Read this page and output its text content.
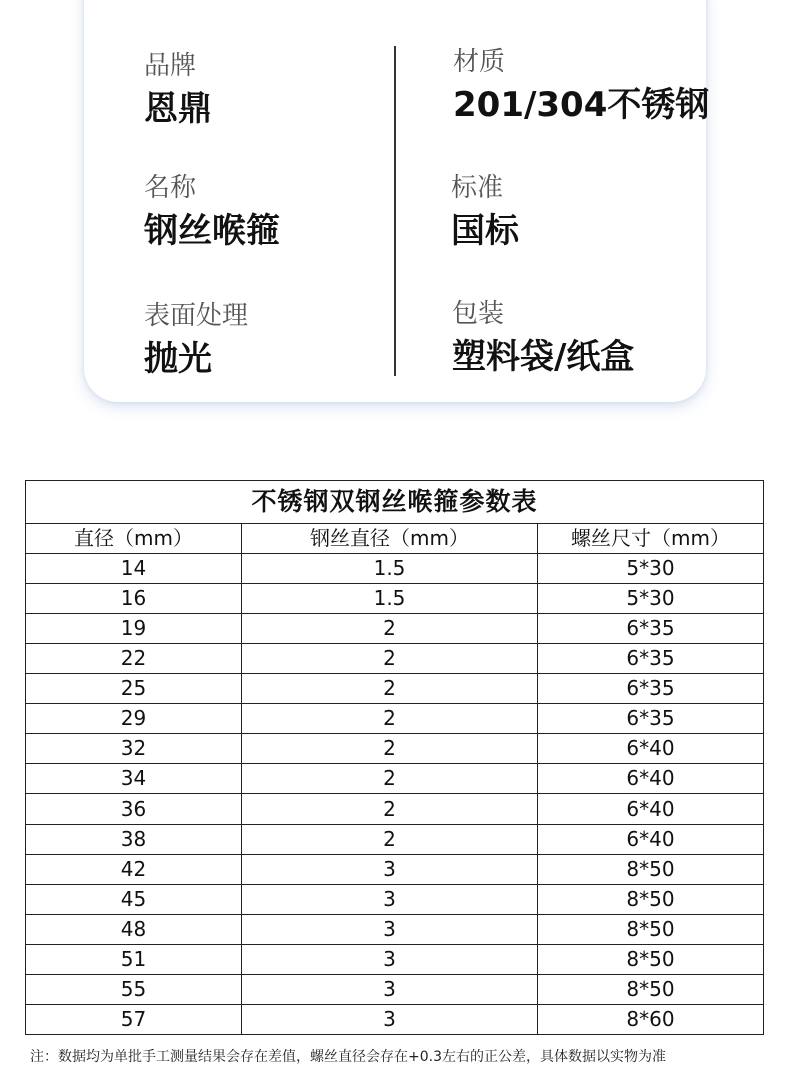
品牌
恩鼎
名称
钢丝喉箍
表面处理
抛光
材质
201/304不锈钢
标准
国标
包装
塑料袋/纸盒
不锈钢双钢丝喉箍参数表		
直径（mm）	钢丝直径（mm）	螺丝尺寸（mm）
14	1.5	5*30
16	1.5	5*30
19	2	6*35
22	2	6*35
25	2	6*35
29	2	6*35
32	2	6*40
34	2	6*40
36	2	6*40
38	2	6*40
42	3	8*50
45	3	8*50
48	3	8*50
51	3	8*50
55	3	8*50
57	3	8*60
注：数据均为单批手工测量结果会存在差值，螺丝直径会存在+0.3左右的正公差，具体数据以实物为准
